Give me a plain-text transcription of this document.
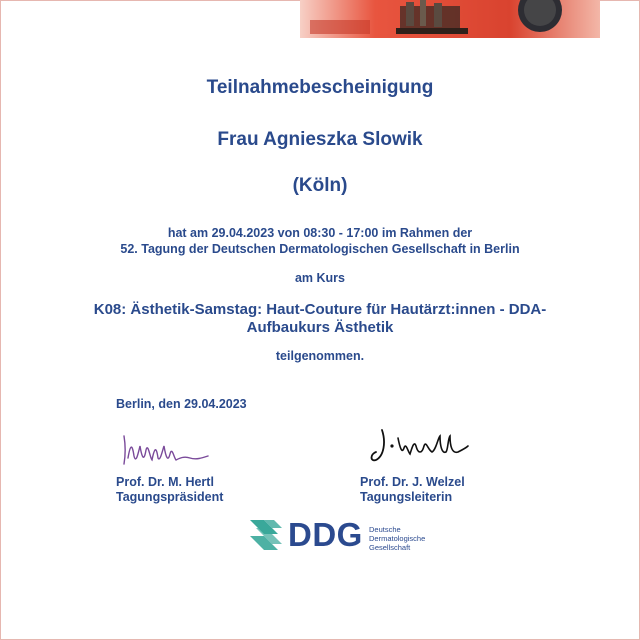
Teilnahmebescheinigung
Frau Agnieszka Slowik
(Köln)
hat am 29.04.2023 von 08:30 - 17:00 im Rahmen der
52. Tagung der Deutschen Dermatologischen Gesellschaft in Berlin
am Kurs
K08: Ästhetik-Samstag: Haut-Couture für Hautärzt:innen - DDA-
Aufbaukurs Ästhetik
teilgenommen.
Berlin, den 29.04.2023
Prof. Dr. M. Hertl
Tagungspräsident
Prof. Dr. J. Welzel
Tagungsleiterin
DDG Deutsche
Dermatologische
Gesellschaft
